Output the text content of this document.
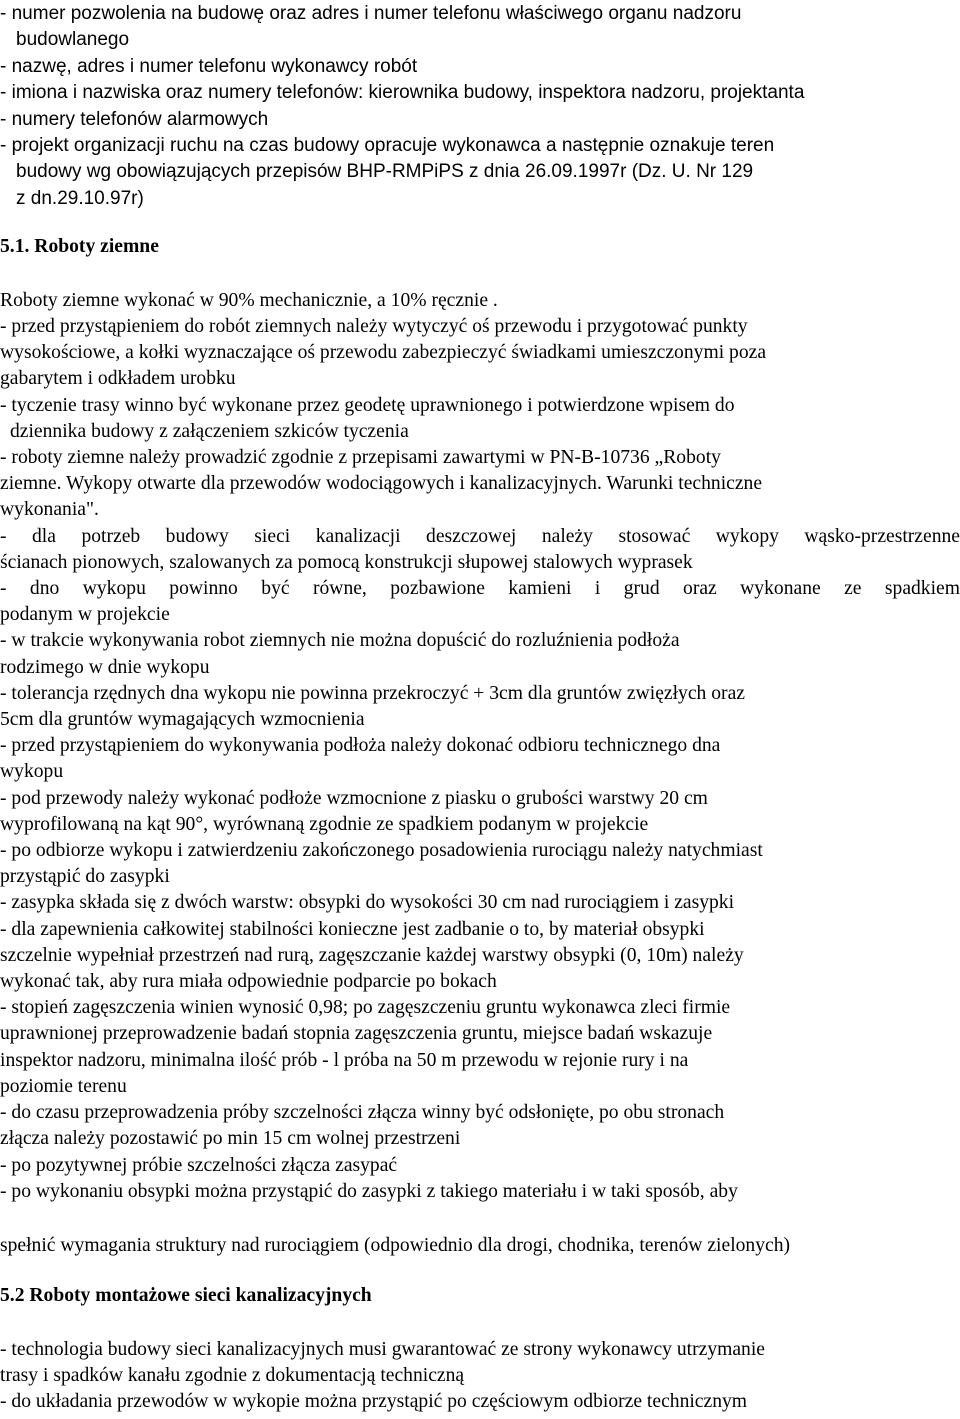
- numer pozwolenia na budowę oraz adres i numer telefonu właściwego organu nadzoru
budowlanego
- nazwę, adres i numer telefonu wykonawcy robót
- imiona i nazwiska oraz numery telefonów: kierownika budowy, inspektora nadzoru, projektanta
- numery telefonów alarmowych
- projekt organizacji ruchu na czas budowy opracuje wykonawca a następnie oznakuje teren
budowy wg obowiązujących przepisów BHP-RMPiPS z dnia 26.09.1997r (Dz. U. Nr 129
z dn.29.10.97r)
5.1. Roboty ziemne
Roboty ziemne wykonać w 90% mechanicznie, a 10% ręcznie .
- przed przystąpieniem do robót ziemnych należy wytyczyć oś przewodu i przygotować punkty
wysokościowe, a kołki wyznaczające oś przewodu zabezpieczyć świadkami umieszczonymi poza
gabarytem i odkładem urobku
- tyczenie trasy winno być wykonane przez geodetę uprawnionego i potwierdzone wpisem do
dziennika budowy z załączeniem szkiców tyczenia
- roboty ziemne należy prowadzić zgodnie z przepisami zawartymi w PN-B-10736 „Roboty
ziemne. Wykopy otwarte dla przewodów wodociągowych i kanalizacyjnych. Warunki techniczne
wykonania".
- dla potrzeb budowy sieci kanalizacji deszczowej należy stosować wykopy wąsko-przestrzenne
ścianach pionowych, szalowanych za pomocą konstrukcji słupowej stalowych wyprasek
- dno wykopu powinno być równe, pozbawione kamieni i grud oraz wykonane ze spadkiem
podanym w projekcie
- w trakcie wykonywania robot ziemnych nie można dopuścić do rozluźnienia podłoża
rodzimego w dnie wykopu
- tolerancja rzędnych dna wykopu nie powinna przekroczyć + 3cm dla gruntów zwięzłych oraz
5cm dla gruntów wymagających wzmocnienia
- przed przystąpieniem do wykonywania podłoża należy dokonać odbioru technicznego dna
wykopu
- pod przewody należy wykonać podłoże wzmocnione z piasku o grubości warstwy 20 cm
wyprofilowaną na kąt 90°, wyrównaną zgodnie ze spadkiem podanym w projekcie
- po odbiorze wykopu i zatwierdzeniu zakończonego posadowienia rurociągu należy natychmiast
przystąpić do zasypki
- zasypka składa się z dwóch warstw: obsypki do wysokości 30 cm nad rurociągiem i zasypki
- dla zapewnienia całkowitej stabilności konieczne jest zadbanie o to, by materiał obsypki
szczelnie wypełniał przestrzeń nad rurą, zagęszczanie każdej warstwy obsypki (0, 10m) należy
wykonać tak, aby rura miała odpowiednie podparcie po bokach
- stopień zagęszczenia winien wynosić 0,98; po zagęszczeniu gruntu wykonawca zleci firmie
uprawnionej przeprowadzenie badań stopnia zagęszczenia gruntu, miejsce badań wskazuje
inspektor nadzoru, minimalna ilość prób - l próba na 50 m przewodu w rejonie rury i na
poziomie terenu
- do czasu przeprowadzenia próby szczelności złącza winny być odsłonięte, po obu stronach
złącza należy pozostawić po min 15 cm wolnej przestrzeni
- po pozytywnej próbie szczelności złącza zasypać
- po wykonaniu obsypki można przystąpić do zasypki z takiego materiału i w taki sposób, aby
spełnić wymagania struktury nad rurociągiem (odpowiednio dla drogi, chodnika, terenów zielonych)
5.2 Roboty montażowe sieci kanalizacyjnych
- technologia budowy sieci kanalizacyjnych musi gwarantować ze strony wykonawcy utrzymanie
trasy i spadków kanału zgodnie z dokumentacją techniczną
- do układania przewodów w wykopie można przystąpić po częściowym odbiorze technicznym
